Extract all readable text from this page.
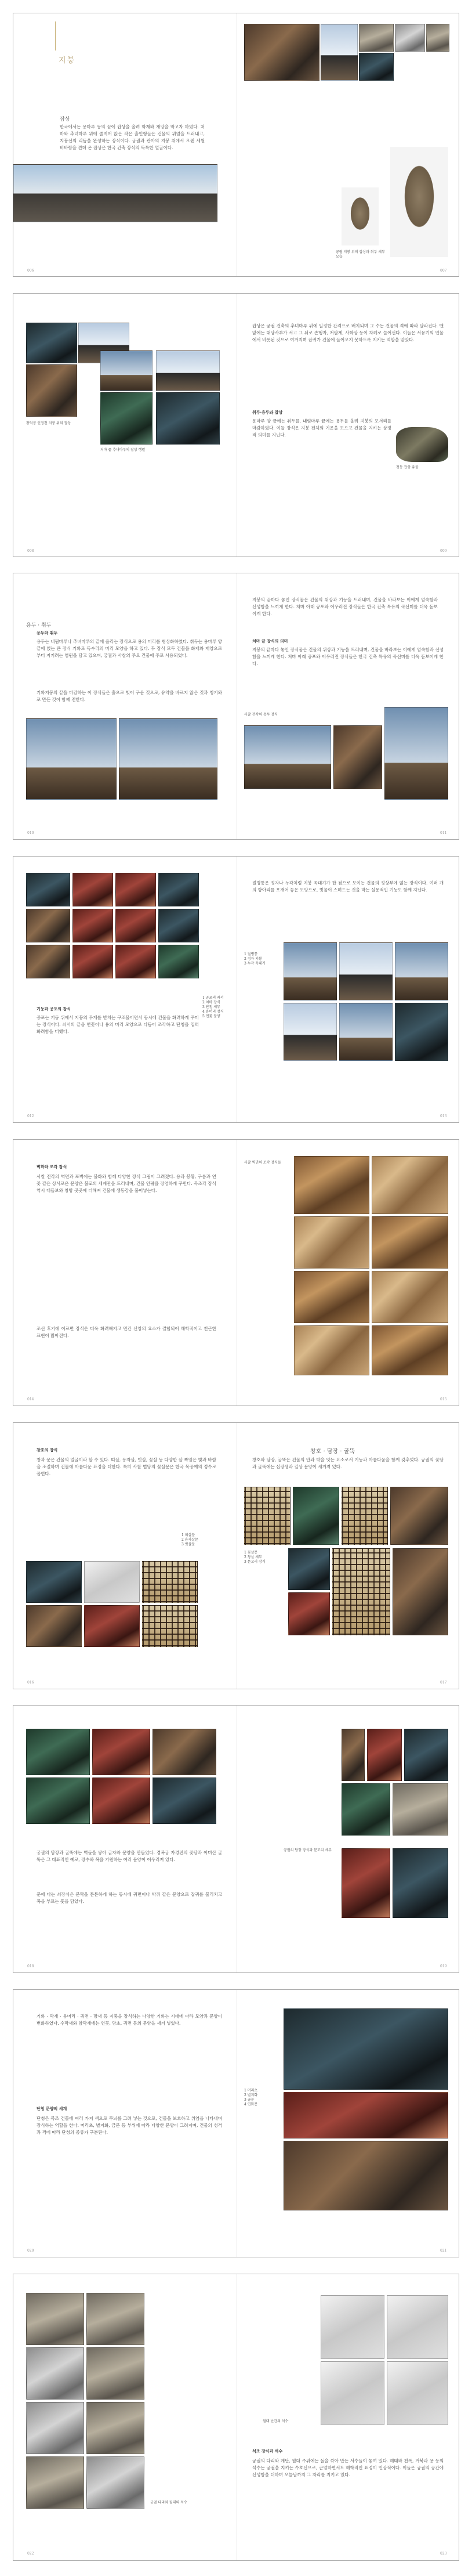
지붕
잡상
한국에서는 용마루 등의 끝에 잡상을 올려 화재와 재앙을 막고자 하였다. 처마와 추녀마루 위에 줄지어 앉은 작은 흙인형들은 건물의 위엄을 드러내고, 지붕선의 리듬을 완성하는 장식이다. 궁궐과 관아의 지붕 위에서 오랜 세월 비바람을 견뎌 온 잡상은 한국 건축 장식의 독특한 얼굴이다.
006
궁궐 지붕 위의 잡상과 취두 세부 모습
007
창덕궁 인정전 지붕 위의 잡상
처마 끝 추녀마루의 잡상 행렬
008
잡상은 궁궐 건축의 추녀마루 위에 일정한 간격으로 배치되며 그 수는 건물의 격에 따라 달라진다. 맨 앞에는 대당사부가 서고 그 뒤로 손행자, 저팔계, 사화상 등이 차례로 늘어선다. 이들은 서유기의 인물에서 비롯된 것으로 여겨지며 잡귀가 건물에 들어오지 못하도록 지키는 역할을 맡았다.
취두·용두와 잡상
용마루 양 끝에는 취두를, 내림마루 끝에는 용두를 올려 지붕의 모서리를 마감하였다. 이들 장식은 지붕 전체의 기운을 모으고 건물을 지키는 상징적 의미를 지닌다.
청동 잡상 유물
009
용두 · 취두
용두와 취두
용두는 내림마루나 추녀마루의 끝에 올리는 장식으로 용의 머리를 형상화하였다. 취두는 용마루 양 끝에 얹는 큰 장식 기와로 독수리의 머리 모양을 하고 있다. 두 장식 모두 건물을 화재와 재앙으로부터 지키려는 염원을 담고 있으며, 궁궐과 사찰의 주요 건물에 주로 사용되었다.
기와지붕의 끝을 마감하는 이 장식들은 흙으로 빚어 구운 것으로, 유약을 바르지 않은 것과 청기와로 만든 것이 함께 전한다.
010
지붕의 끝마다 놓인 장식물은 건물의 위상과 기능을 드러내며, 건물을 바라보는 이에게 엄숙함과 신성함을 느끼게 한다. 처마 아래 공포와 어우러진 장식들은 한국 건축 특유의 곡선미를 더욱 돋보이게 한다.
처마 끝 장식의 의미
지붕의 끝마다 놓인 장식물은 건물의 위상과 기능을 드러내며, 건물을 바라보는 이에게 엄숙함과 신성함을 느끼게 한다. 처마 아래 공포와 어우러진 장식들은 한국 건축 특유의 곡선미를 더욱 돋보이게 한다.
사찰 전각의 용두 장식
011
1 공포의 쇠서
2 처마 장식
3 단청 세부
4 용머리 장식
5 연꽃 문양
기둥과 공포의 장식
공포는 기둥 위에서 지붕의 무게를 받치는 구조물이면서 동시에 건물을 화려하게 꾸미는 장식이다. 쇠서의 끝을 연꽃이나 용의 머리 모양으로 다듬어 조각하고 단청을 입혀 화려함을 더했다.
012
절병통은 정자나 누각처럼 지붕 꼭대기가 한 점으로 모이는 건물의 정상부에 얹는 장식이다. 여러 개의 항아리를 포개어 놓은 모양으로, 빗물이 스며드는 것을 막는 실용적인 기능도 함께 지닌다.
1 절병통
2 정자 지붕
3 누각 꼭대기
013
벽화와 조각 장식
사찰 전각의 벽면과 포벽에는 불화와 함께 다양한 장식 그림이 그려졌다. 용과 봉황, 구름과 연꽃 같은 상서로운 문양은 불교의 세계관을 드러내며, 건물 안팎을 장엄하게 꾸민다. 목조각 장식 역시 대들보와 창방 곳곳에 더해져 건물에 생동감을 불어넣는다.
조선 후기에 이르면 장식은 더욱 화려해지고 민간 신앙의 요소가 결합되어 해학적이고 친근한 표현이 많아진다.
014
사찰 벽면의 조각 장식들
015
창호의 장식
창과 문은 건물의 얼굴이라 할 수 있다. 띠살, 용자살, 빗살, 꽃살 등 다양한 살 짜임은 빛과 바람을 조절하며 건물에 아름다운 표정을 더한다. 특히 사찰 법당의 꽃살문은 한국 목공예의 정수로 꼽힌다.
1 띠살문
2 용자살문
3 빗살문
016
창호 · 담장 · 굴뚝
창호와 담장, 굴뚝은 건물의 안과 밖을 잇는 요소로서 기능과 아름다움을 함께 갖추었다. 궁궐의 꽃담과 굴뚝에는 십장생과 길상 문양이 새겨져 있다.
1 꽃살문
2 창살 세부
3 문고리 장식
017
궁궐의 담장과 굴뚝에는 벽돌을 쌓아 글자와 문양을 만들었다. 경복궁 자경전의 꽃담과 아미산 굴뚝은 그 대표적인 예로, 장수와 복을 기원하는 여러 문양이 어우러져 있다.
문에 다는 쇠장식은 문짝을 튼튼하게 하는 동시에 귀면이나 박쥐 같은 문양으로 잡귀를 물리치고 복을 부르는 뜻을 담았다.
018
궁궐의 담장 장식과 문고리 세부
019
기와 · 막새 · 용머리 · 귀면 · 망새 등 지붕을 장식하는 다양한 기와는 시대에 따라 모양과 문양이 변화하였다. 수막새와 암막새에는 연꽃, 당초, 귀면 등의 문양을 새겨 넣었다.
단청 문양의 세계
단청은 목조 건물에 여러 가지 색으로 무늬를 그려 넣는 것으로, 건물을 보호하고 위엄을 나타내며 장식하는 역할을 한다. 머리초, 별지화, 금문 등 부위에 따라 다양한 문양이 그려지며, 건물의 성격과 격에 따라 단청의 종류가 구분된다.
020
1 머리초
2 별지화
3 금문
4 연화문
021
궁궐 다리와 월대의 석수
022
월대 난간의 석수
석조 장식과 석수
궁궐의 다리와 계단, 월대 주위에는 돌을 깎아 만든 서수들이 놓여 있다. 해태와 천록, 거북과 용 등의 석수는 궁궐을 지키는 수호신으로, 근엄하면서도 해학적인 표정이 인상적이다. 이들은 궁궐의 공간에 신성함을 더하며 오늘날까지 그 자리를 지키고 있다.
023
